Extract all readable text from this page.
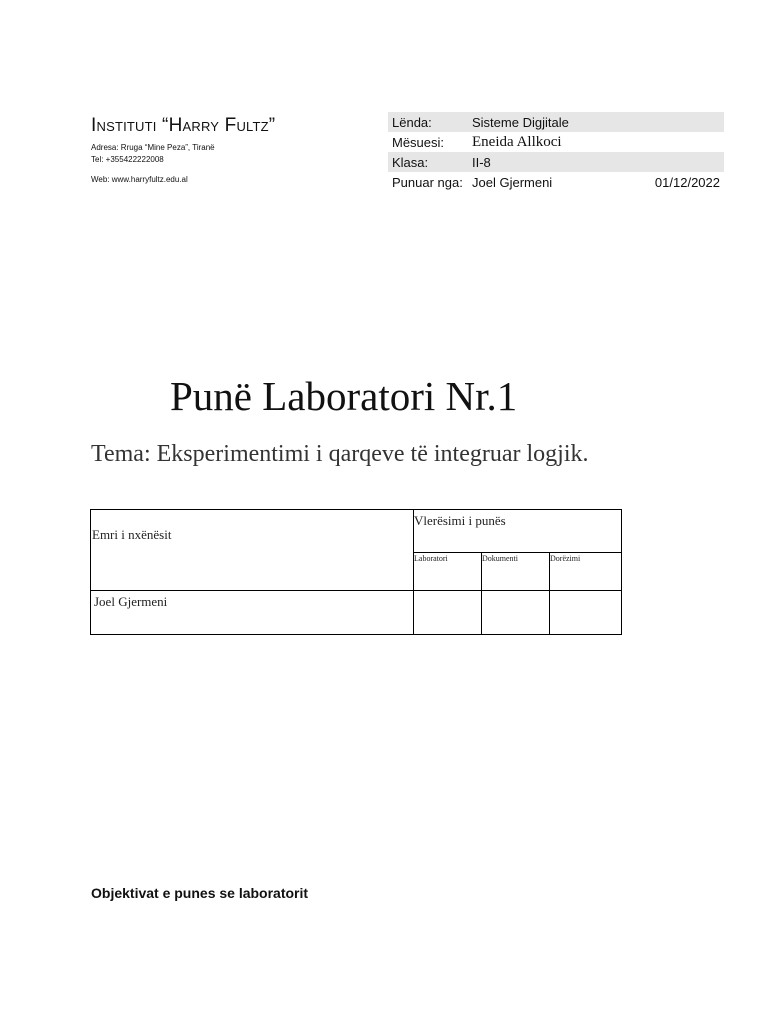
Instituti “Harry Fultz”
Adresa: Rruga “Mine Peza”, Tiranë
Tel: +355422222008
Web: www.harryfultz.edu.al
Lënda:	Sisteme Digjitale	
Mësuesi:	Eneida Allkoci	
Klasa:	II-8	
Punuar nga:	Joel Gjermeni	01/12/2022
Punë Laboratori Nr.1
Tema: Eksperimentimi i qarqeve të integruar logjik.
Emri i nxënësit
Vlerësimi i punës
Laboratori	Dokumenti	Dorëzimi
Joel Gjermeni
Objektivat e punes se laboratorit
